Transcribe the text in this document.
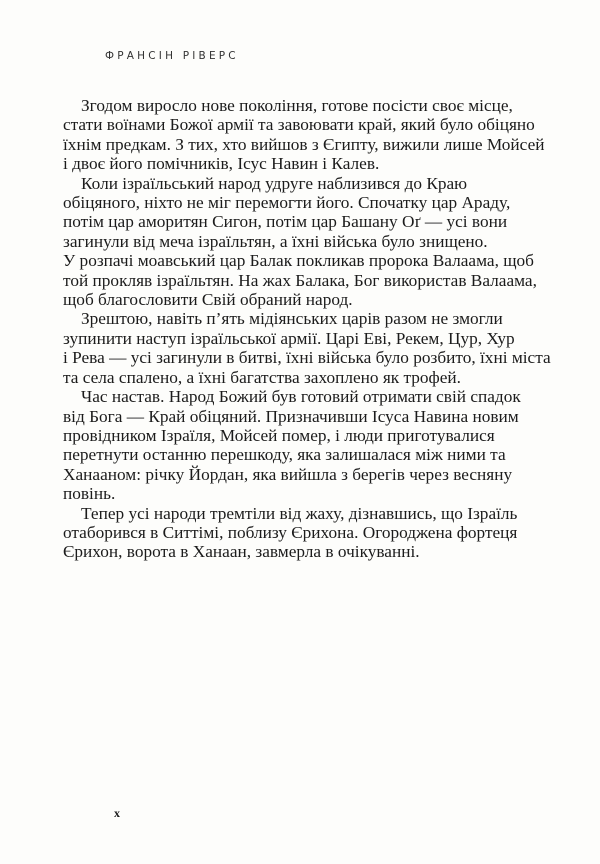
ФРАНСІН РІВЕРС
Згодом виросло нове покоління, готове посісти своє місце,
стати воїнами Божої армії та завоювати край, який було обіцяно
їхнім предкам. З тих, хто вийшов з Єгипту, вижили лише Мойсей
і двоє його помічників, Ісус Навин і Калев.
Коли ізраїльський народ удруге наблизився до Краю
обіцяного, ніхто не міг перемогти його. Спочатку цар Араду,
потім цар аморитян Сигон, потім цар Башану Оґ — усі вони
загинули від меча ізраїльтян, а їхні війська було знищено.
У розпачі моавський цар Балак покликав пророка Валаама, щоб
той прокляв ізраїльтян. На жах Балака, Бог використав Валаама,
щоб благословити Свій обраний народ.
Зрештою, навіть п’ять мідіянських царів разом не змогли
зупинити наступ ізраїльської армії. Царі Еві, Рекем, Цур, Хур
і Рева — усі загинули в битві, їхні війська було розбито, їхні міста
та села спалено, а їхні багатства захоплено як трофей.
Час настав. Народ Божий був готовий отримати свій спадок
від Бога — Край обіцяний. Призначивши Ісуса Навина новим
провідником Ізраїля, Мойсей помер, і люди приготувалися
перетнути останню перешкоду, яка залишалася між ними та
Ханааном: річку Йордан, яка вийшла з берегів через весняну
повінь.
Тепер усі народи тремтіли від жаху, дізнавшись, що Ізраїль
отаборився в Ситтімі, поблизу Єрихона. Огороджена фортеця
Єрихон, ворота в Ханаан, завмерла в очікуванні.
x
